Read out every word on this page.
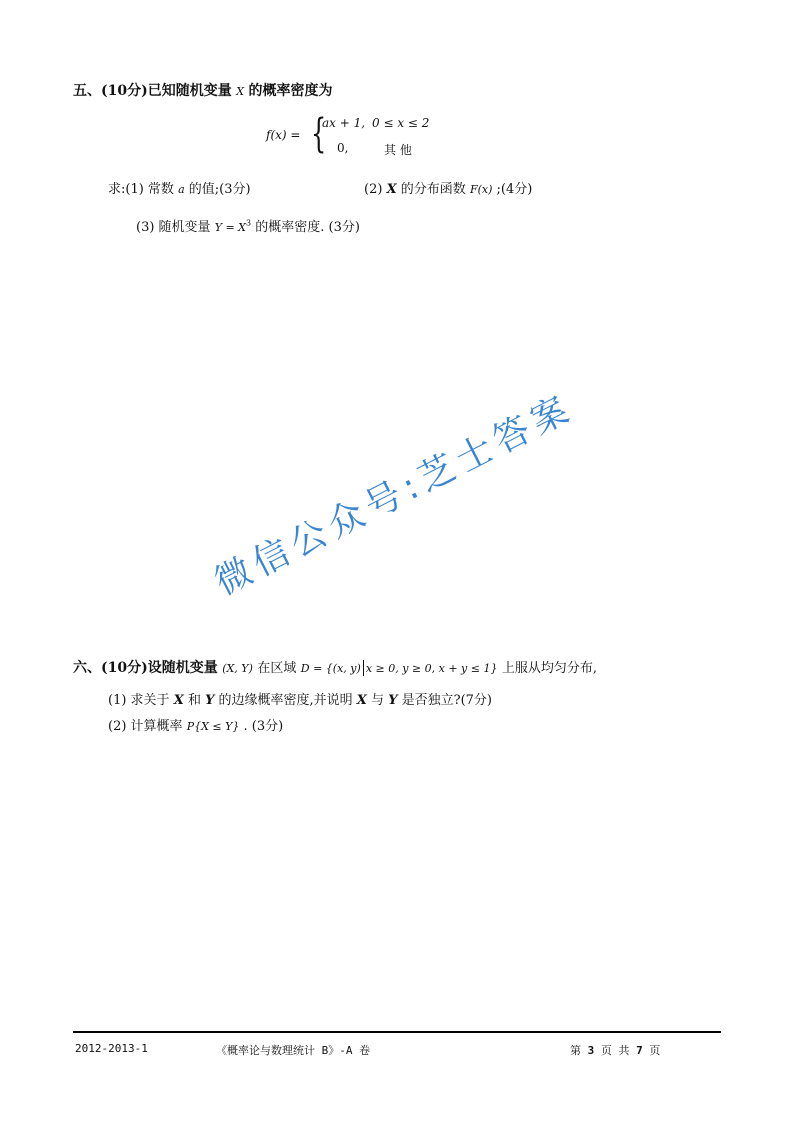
五、(10分)已知随机变量 X 的概率密度为
f(x) = {
ax + 1, 0 ≤ x ≤ 2
0,	其 他
求:(1) 常数 a 的值;(3分)	(2) X 的分布函数 F(x) ;(4分)
(3) 随机变量 $Y = X^3$ 的概率密度. (3分)
微信公众号:芝士答案
六、(10分)设随机变量 (X, Y) 在区域 D = {(x, y) x ≥ 0, y ≥ 0, x + y ≤ 1} 上服从均匀分布,
(1) 求关于 X 和 Y 的边缘概率密度,并说明 X 与 Y 是否独立?(7分)
(2) 计算概率 P{X ≤ Y} . (3分)
2012-2013-1	《概率论与数理统计 B》-A 卷	第 3 页 共 7 页
